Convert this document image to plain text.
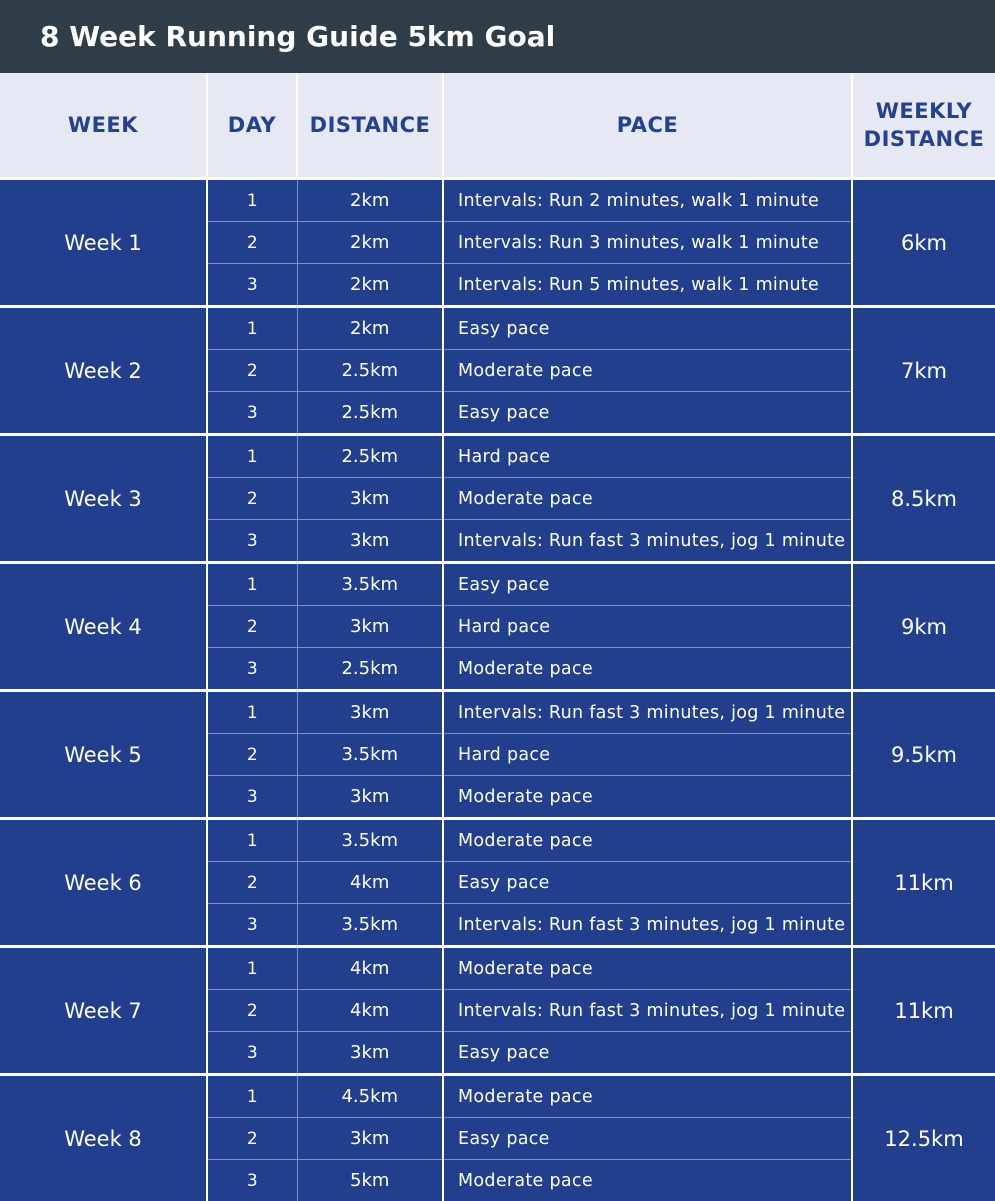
8 Week Running Guide 5km Goal
WEEK	DAY	DISTANCE	PACE	WEEKLY
DISTANCE
Week 1	1	2km	Intervals: Run 2 minutes, walk 1 minute	6km
	2	2km	Intervals: Run 3 minutes, walk 1 minute	
	3	2km	Intervals: Run 5 minutes, walk 1 minute	
Week 2	1	2km	Easy pace	7km
	2	2.5km	Moderate pace	
	3	2.5km	Easy pace	
Week 3	1	2.5km	Hard pace	8.5km
	2	3km	Moderate pace	
	3	3km	Intervals: Run fast 3 minutes, jog 1 minute	
Week 4	1	3.5km	Easy pace	9km
	2	3km	Hard pace	
	3	2.5km	Moderate pace	
Week 5	1	3km	Intervals: Run fast 3 minutes, jog 1 minute	9.5km
	2	3.5km	Hard pace	
	3	3km	Moderate pace	
Week 6	1	3.5km	Moderate pace	11km
	2	4km	Easy pace	
	3	3.5km	Intervals: Run fast 3 minutes, jog 1 minute	
Week 7	1	4km	Moderate pace	11km
	2	4km	Intervals: Run fast 3 minutes, jog 1 minute	
	3	3km	Easy pace	
Week 8	1	4.5km	Moderate pace	12.5km
	2	3km	Easy pace	
	3	5km	Moderate pace	
